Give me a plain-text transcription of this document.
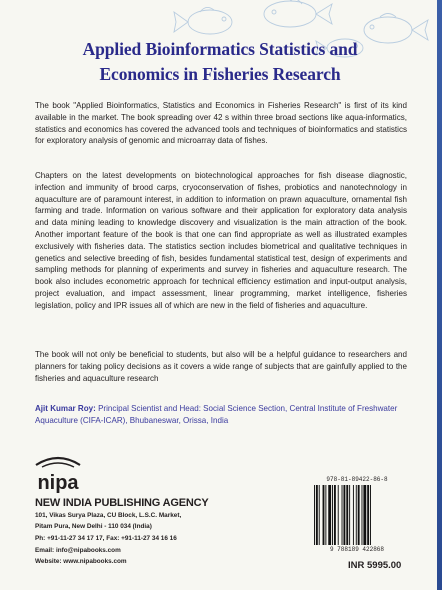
Applied Bioinformatics Statistics and
Economics in Fisheries Research

The book "Applied Bioinformatics, Statistics and Economics in Fisheries Research" is first of its kind available in the market. The book spreading over 42 s within three broad sections like aqua-informatics, statistics and economics has covered the advanced tools and techniques of bioinformatics and statistics for exploratory analysis of genomic and microarray data of fishes.

Chapters on the latest developments on biotechnological approaches for fish disease diagnostic, infection and immunity of brood carps, cryoconservation of fishes, probiotics and nanotechnology in aquaculture are of paramount interest, in addition to information on prawn aquaculture, ornamental fish farming and trade. Information on various software and their application for exploratory data analysis and data mining leading to knowledge discovery and visualization is the main attraction of the book. Another important feature of the book is that one can find appropriate as well as illustrated examples exclusively with fisheries data. The statistics section includes biometrical and qualitative techniques in genetics and selective breeding of fish, besides fundamental statistical test, design of experiments and sampling methods for planning of experiments and survey in fisheries and aquaculture research. The book also includes econometric approach for technical efficiency estimation and input-output analysis, project evaluation, and impact assessment, linear programming, market intelligence, fisheries legislation, policy and IPR issues all of which are new in the field of fisheries and aquaculture.

The book will not only be beneficial to students, but also will be a helpful guidance to researchers and planners for taking policy decisions as it covers a wide range of subjects that are gainfully applied to the fisheries and aquaculture research

Ajit Kumar Roy: Principal Scientist and Head: Social Science Section, Central Institute of Freshwater Aquaculture (CIFA-ICAR), Bhubaneswar, Orissa, India

nipa
NEW INDIA PUBLISHING AGENCY
101, Vikas Surya Plaza, CU Block, L.S.C. Market,
Pitam Pura, New Delhi - 110 034 (India)
Ph: +91-11-27 34 17 17, Fax: +91-11-27 34 16 16
Email: info@nipabooks.com
Website: www.nipabooks.com
978-81-89422-86-8
9 788189 422868
INR 5995.00
